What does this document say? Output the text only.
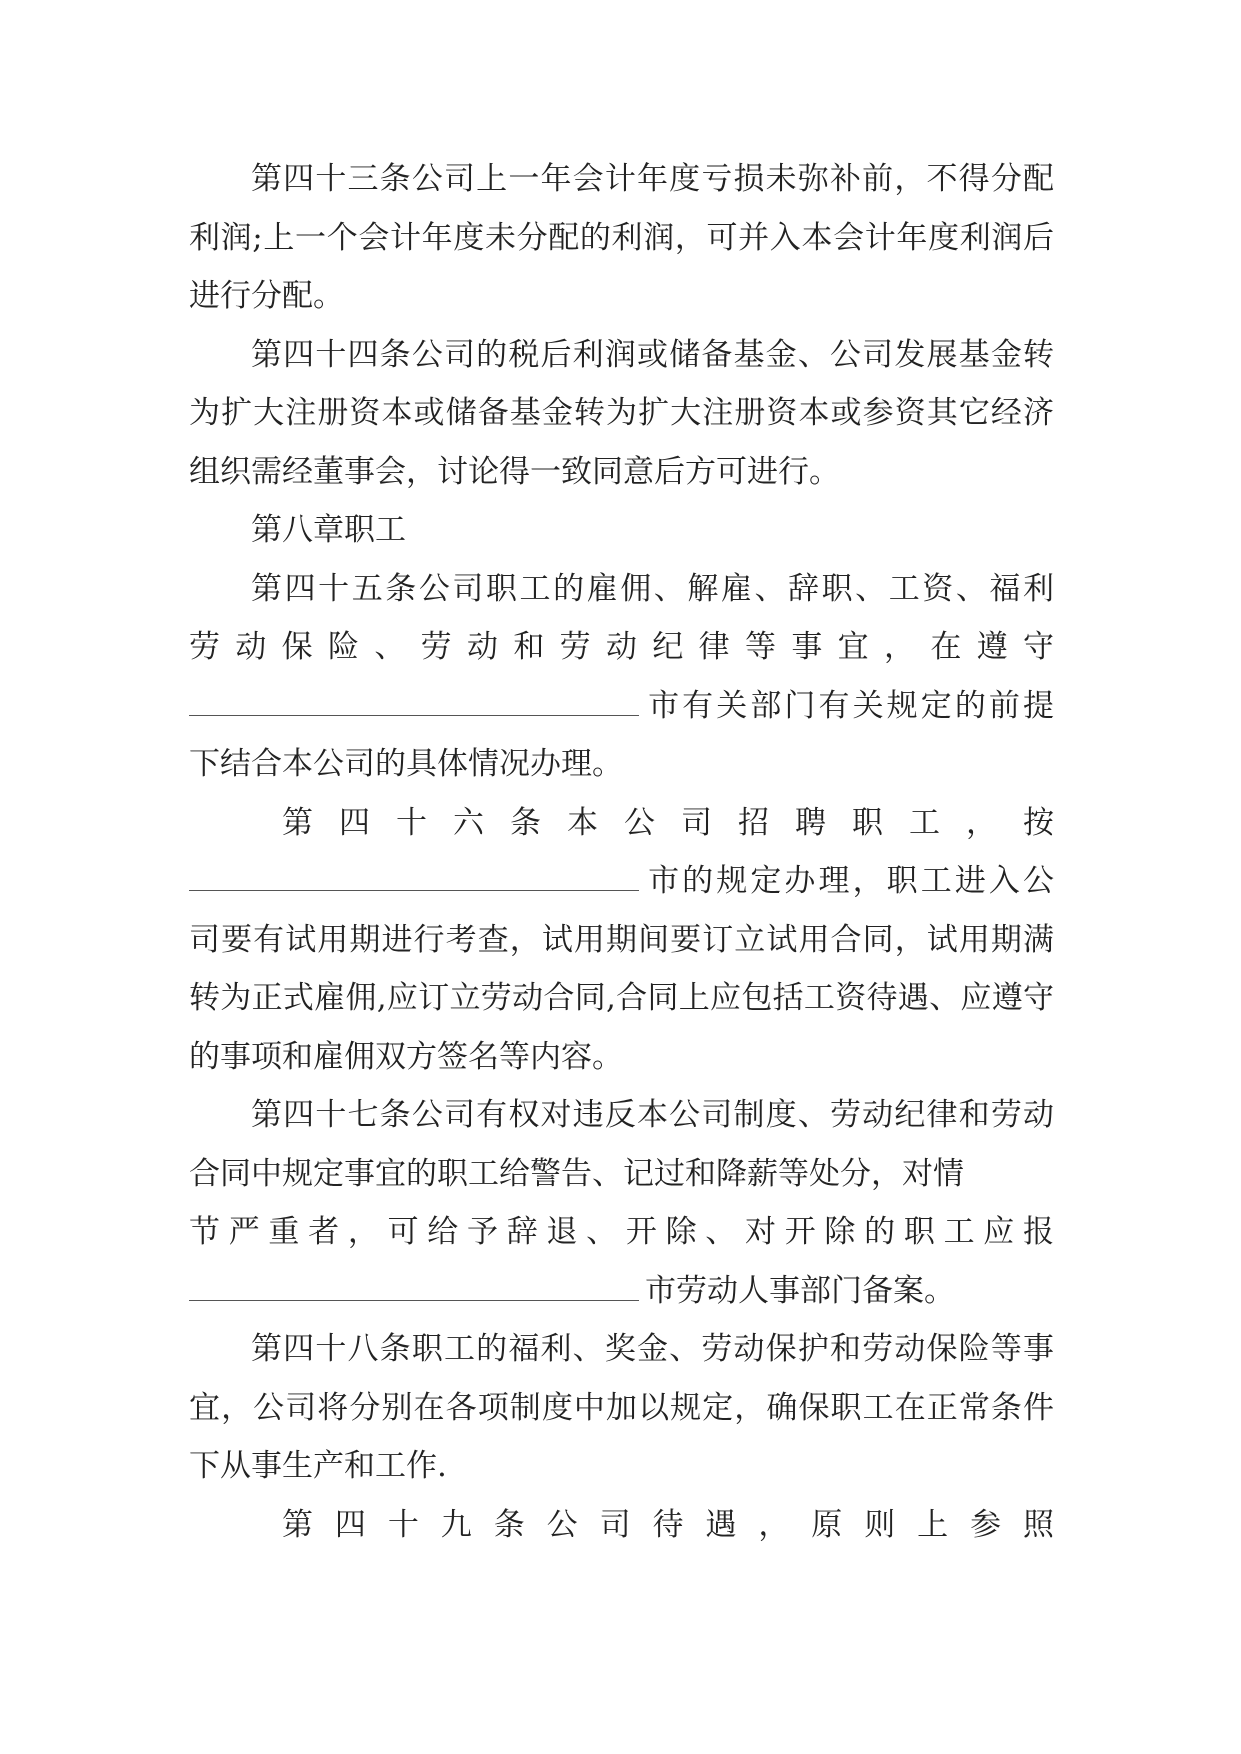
第四十三条公司上一年会计年度亏损未弥补前，不得分配利润;上一个会计年度未分配的利润，可并入本会计年度利润后进行分配。

第四十四条公司的税后利润或储备基金、公司发展基金转为扩大注册资本或储备基金转为扩大注册资本或参资其它经济组织需经董事会，讨论得一致同意后方可进行。

第八章职工

第四十五条公司职工的雇佣、解雇、辞职、工资、福利

劳动保险、劳动和劳动纪律等事宜，在遵守

市有关部门有关规定的前提

下结合本公司的具体情况办理。

第四十六条本公司招聘职工，按

市的规定办理，职工进入公

司要有试用期进行考查，试用期间要订立试用合同，试用期满转为正式雇佣,应订立劳动合同,合同上应包括工资待遇、应遵守的事项和雇佣双方签名等内容。

第四十七条公司有权对违反本公司制度、劳动纪律和劳动合同中规定事宜的职工给警告、记过和降薪等处分，对情

节严重者，可给予辞退、开除、对开除的职工应报

市劳动人事部门备案。

第四十八条职工的福利、奖金、劳动保护和劳动保险等事宜，公司将分别在各项制度中加以规定，确保职工在正常条件下从事生产和工作.

第四十九条公司待遇，原则上参照
